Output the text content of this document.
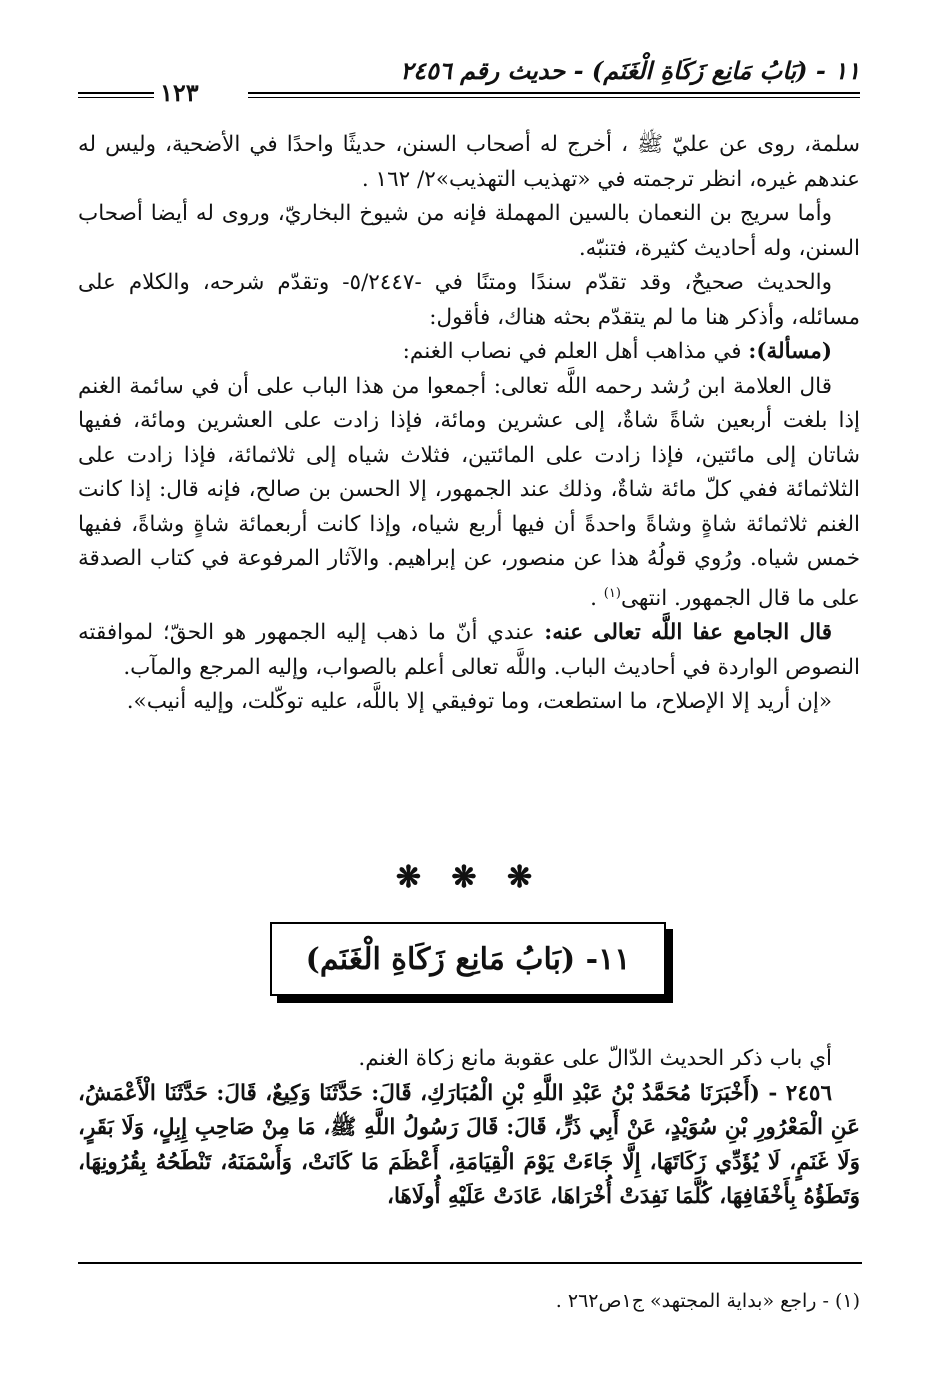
١١ - (بَابُ مَانِع زَكَاةِ الْغَنَم) - حديث رقم ٢٤٥٦
١٢٣

سلمة، روى عن عليّ ﷺ ، أخرج له أصحاب السنن، حديثًا واحدًا في الأضحية، وليس له عندهم غيره، انظر ترجمته في «تهذيب التهذيب»٢/ ١٦٢ .

وأما سريج بن النعمان بالسين المهملة فإنه من شيوخ البخاريّ، وروى له أيضا أصحاب السنن، وله أحاديث كثيرة، فتنبّه.

والحديث صحيحٌ، وقد تقدّم سندًا ومتنًا في -٥/٢٤٤٧- وتقدّم شرحه، والكلام على مسائله، وأذكر هنا ما لم يتقدّم بحثه هناك، فأقول:

(مسألة): في مذاهب أهل العلم في نصاب الغنم:

قال العلامة ابن رُشد رحمه اللَّه تعالى: أجمعوا من هذا الباب على أن في سائمة الغنم إذا بلغت أربعين شاةً شاةٌ، إلى عشرين ومائة، فإذا زادت على العشرين ومائة، ففيها شاتان إلى مائتين، فإذا زادت على المائتين، فثلاث شياه إلى ثلاثمائة، فإذا زادت على الثلاثمائة ففي كلّ مائة شاةٌ، وذلك عند الجمهور، إلا الحسن بن صالح، فإنه قال: إذا كانت الغنم ثلاثمائة شاةٍ وشاةً واحدةً أن فيها أربع شياه، وإذا كانت أربعمائة شاةٍ وشاةً، ففيها خمس شياه. ورُوي قولُهُ هذا عن منصور، عن إبراهيم. والآثار المرفوعة في كتاب الصدقة على ما قال الجمهور. انتهى$^{(١)}$ .

قال الجامع عفا اللَّه تعالى عنه: عندي أنّ ما ذهب إليه الجمهور هو الحقّ؛ لموافقته النصوص الواردة في أحاديث الباب. واللَّه تعالى أعلم بالصواب، وإليه المرجع والمآب.

«إن أريد إلا الإصلاح، ما استطعت، وما توفيقي إلا باللَّه، عليه توكّلت، وإليه أنيب».

❋ ❋ ❋
١١- (بَابُ مَانِع زَكَاةِ الْغَنَم)

أي باب ذكر الحديث الدّالّ على عقوبة مانع زكاة الغنم.

٢٤٥٦ - (أَخْبَرَنَا مُحَمَّدُ بْنُ عَبْدِ اللَّهِ بْنِ الْمُبَارَكِ، قَالَ: حَدَّثَنَا وَكِيعٌ، قَالَ: حَدَّثَنَا الْأَعْمَشُ، عَنِ الْمَعْرُورِ بْنِ سُوَيْدٍ، عَنْ أَبِي ذَرٍّ، قَالَ: قَالَ رَسُولُ اللَّهِ ﷺ، مَا مِنْ صَاحِبِ إِبِلٍ، وَلَا بَقَرٍ، وَلَا غَنَمٍ، لَا يُؤَدِّي زَكَاتَهَا، إِلَّا جَاءَتْ يَوْمَ الْقِيَامَةِ، أَعْظَمَ مَا كَانَتْ، وَأَسْمَنَهُ، تَنْطَحُهُ بِقُرُونِهَا، وَتَطَؤُهُ بِأَخْفَافِهَا، كُلَّمَا نَفِدَتْ أُخْرَاهَا، عَادَتْ عَلَيْهِ أُولَاهَا،

(١) - راجع «بداية المجتهد» ج١ص٢٦٢ .
